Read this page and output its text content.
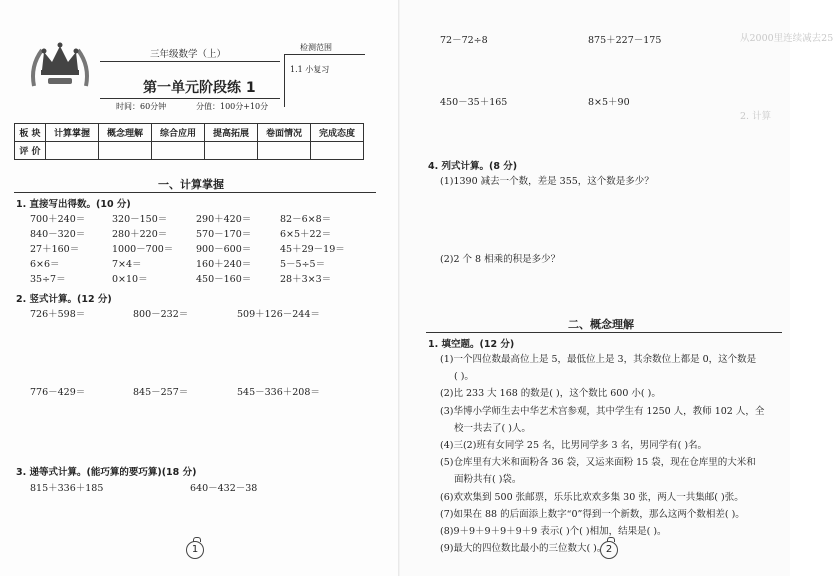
三年级数学（上）
第一单元阶段练 1
时间：60分钟	分值：100分+10分
检测范围
1.1 小复习
板 块	计算掌握	概念理解	综合应用	提高拓展	卷面情况	完成态度
评 价						
一、计算掌握
1. 直接写出得数。(10 分)
700＋240＝	320－150＝	290＋420＝	82－6×8＝
840－320＝	280＋220＝	570－170＝	6×5＋22＝
27＋160＝	1000－700＝ 900－600＝	45＋29－19＝
6×6＝	7×4＝	160＋240＝	5－5÷5＝
35÷7＝	0×10＝	450－160＝	28＋3×3＝
2. 竖式计算。(12 分)
726＋598＝	800－232＝	509＋126－244＝
776－429＝	845－257＝	545－336＋208＝
3. 递等式计算。(能巧算的要巧算)(18 分)
815＋336＋185	640－432－38
1
从2000里连续减去25
2. 计算
72－72÷8	875＋227－175
450－35＋165	8×5＋90
4. 列式计算。(8 分)
(1)1390 减去一个数，差是 355，这个数是多少？
(2)2 个 8 相乘的积是多少？
二、概念理解
1. 填空题。(12 分)
(1)一个四位数最高位上是 5，最低位上是 3，其余数位上都是 0，这个数是
( )。
(2)比 233 大 168 的数是( )，这个数比 600 小( )。
(3)华博小学师生去中华艺术宫参观，其中学生有 1250 人，教师 102 人，全
校一共去了( )人。
(4)三(2)班有女同学 25 名，比男同学多 3 名，男同学有( )名。
(5)仓库里有大米和面粉各 36 袋，又运来面粉 15 袋，现在仓库里的大米和
面粉共有( )袋。
(6)欢欢集到 500 张邮票，乐乐比欢欢多集 30 张，两人一共集邮( )张。
(7)如果在 88 的后面添上数字“0”得到一个新数，那么这两个数相差( )。
(8)9＋9＋9＋9＋9＋9 表示( )个( )相加，结果是( )。
(9)最大的四位数比最小的三位数大( )。 2
